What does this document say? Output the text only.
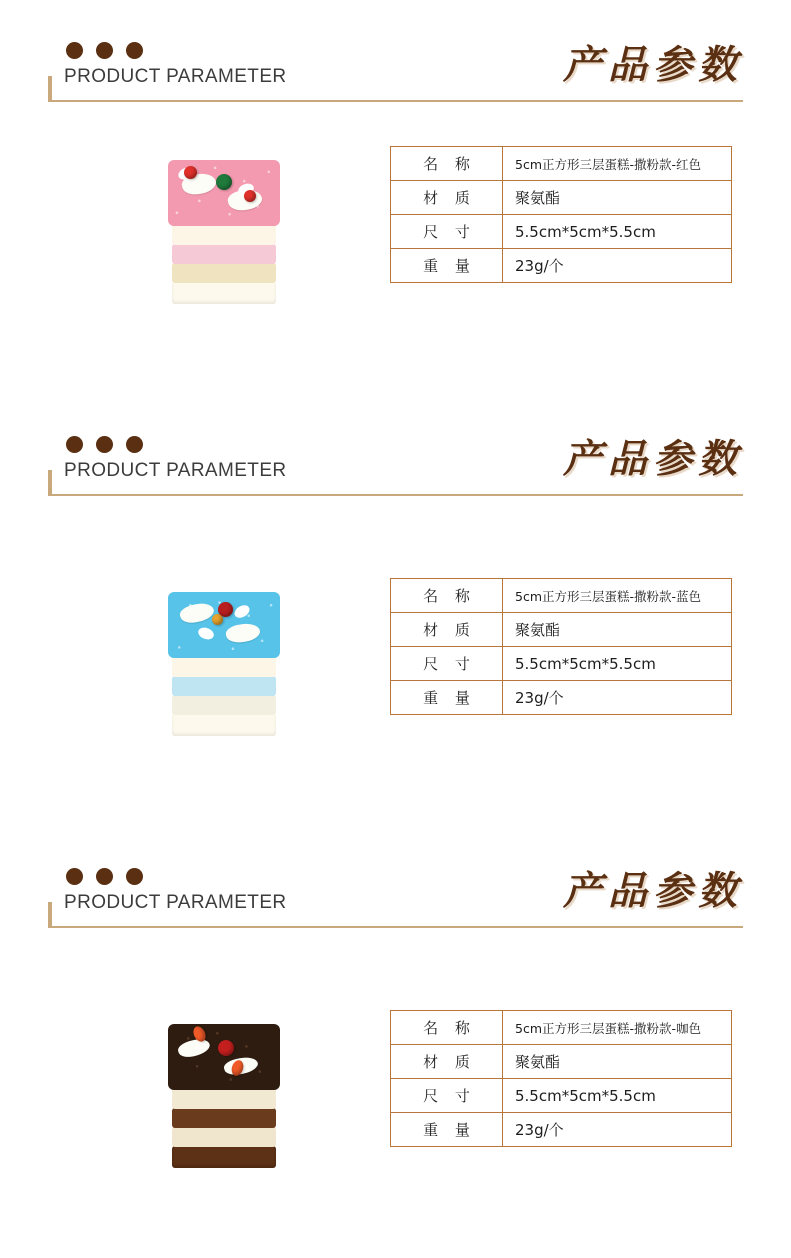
PRODUCT PARAMETER	产品参数
名 称	5cm正方形三层蛋糕-撒粉款-红色
材 质	聚氨酯
尺 寸	5.5cm*5cm*5.5cm
重 量	23g/个
PRODUCT PARAMETER	产品参数
名 称	5cm正方形三层蛋糕-撒粉款-蓝色
材 质	聚氨酯
尺 寸	5.5cm*5cm*5.5cm
重 量	23g/个
PRODUCT PARAMETER	产品参数
名 称	5cm正方形三层蛋糕-撒粉款-咖色
材 质	聚氨酯
尺 寸	5.5cm*5cm*5.5cm
重 量	23g/个
